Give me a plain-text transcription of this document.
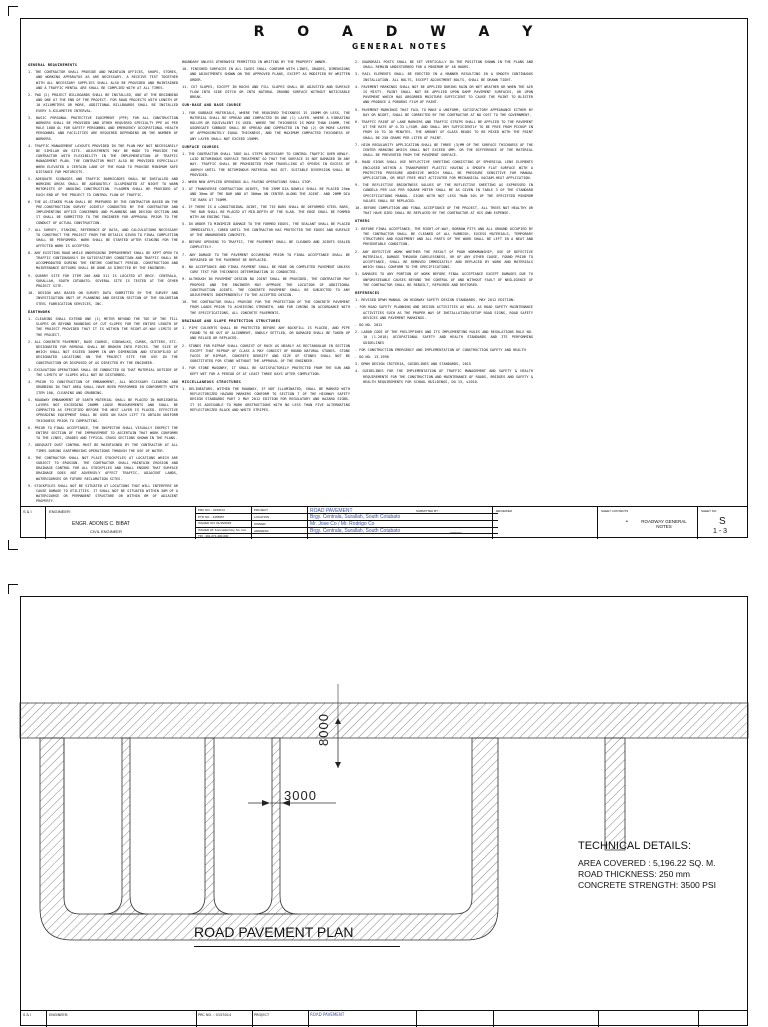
R O A D W A Y
GENERAL NOTES
GENERAL REQUIREMENTS
1. THE CONTRACTOR SHALL PROVIDE AND MAINTAIN OFFICES, SHOPS, STORES, AND WORKING APPARATUS AS ARE NECESSARY. A RECEIVE TEST TOGETHER WITH ALL NECESSARY SUPPLIES SHALL ALSO BE PROVIDED AND MAINTAINED AND A TRAFFIC MENTAL ARE SHALL BE COMPLIED WITH AT ALL TIMES.
2. TWO (2) PROJECT BILLBOARDS SHALL BE INSTALLED, ONE AT THE BEGINNING AND ONE AT THE END OF THE PROJECT. FOR ROAD PROJECTS WITH LENGTH OF 10 KILOMETERS OR MORE, ADDITIONAL BILLBOARDS SHALL BE INSTALLED EVERY 5-KILOMETER INTERVAL.
3. BASIC PERSONAL PROTECTIVE EQUIPMENT (PPE) FOR ALL CONSTRUCTION WORKERS SHALL BE PROVIDED AND OTHER REQUIRED SPECIALTY PPE AS PER RULE 1080 OL FOR SAFETY PERSONNEL AND EMERGENCY OCCUPATIONAL HEALTH PERSONNEL AND FACILITIES ARE REQUIRED DEPENDING ON THE NUMBER OF WORKERS.
4. TRAFFIC MANAGEMENT LAYOUTS PROVIDED IN THE PLAN MAY NOT NECESSARILY BE SIMILAR ON SITE. ADJUSTMENTS MAY BE MADE TO PROVIDE THE CONTRACTOR WITH FLEXIBILITY IN THE IMPLEMENTATION OF TRAFFIC MANAGEMENT PLAN. THE CONTRACTOR MUST ALSO BE PROVIDED ESPECIALLY WHEN ELEVATED A CERTAIN LANE OF THE ROAD TO PROVIDE MINIMUM SAFE DISTANCE FOR MOTORISTS.
5. ADEQUATE SIGNAGES AND TRAFFIC BARRICADES SHALL BE INSTALLED AND WORKING AREAS SHALL BE ADEQUATELY ILLUMINATED AT NIGHT TO WARN MOTORISTS OF ONGOING CONSTRUCTION. FLAGMEN SHALL BE PROVIDED AT EACH END OF THE PROJECT TO CONTROL FLOW OF TRAFFIC.
6. THE AS-STAKED PLAN SHALL BE PREPARED BY THE CONTRACTOR BASED ON THE PRE-CONSTRUCTION SURVEY JOINTLY CONDUCTED BY THE CONTRACTOR AND IMPLEMENTING OFFICE CONCERNED AND PLANNING AND DESIGN SECTION AND IT SHALL BE SUBMITTED TO THE ENGINEER FOR APPROVAL PRIOR TO THE CONDUCT OF ACTUAL CONSTRUCTION.
7. ALL SURVEY, STAKING, REFERENCE OF DATA, AND CALCULATIONS NECESSARY TO CONSTRUCT THE PROJECT FROM THE DETAILS GIVEN TO FINAL COMPLETION SHALL BE PERFORMED. WORK SHALL BE STARTED AFTER STAKING FOR THE AFFECTED WORK IS ACCEPTED.
8. ANY EXISTING ROAD WHILE UNDERGOING IMPROVEMENT SHALL BE KEPT OPEN TO TRAFFIC CONTINUOUSLY IN SATISFACTORY CONDITION AND TRAFFIC SHALL BE ACCOMMODATED DURING THE ENTIRE CONTRACT PERIOD. CONSTRUCTION AND MAINTENANCE DETOURS SHALL BE DONE AS DIRECTED BY THE ENGINEER.
9. QUARRY SITE FOR ITEM 200 AND 311 IS LOCATED AT BRGY. CENTRALA, SURALLAH, SOUTH COTABATO. SEVERAL SITE IS TESTED AT THE OTHER PROJECT SITE.
10. DESIGN WAS BASED ON SURVEY DATA SUBMITTED BY THE SURVEY AND INVESTIGATION UNIT OF PLANNING AND DESIGN SECTION OF THE SOLUNTIAN STEEL FABRICATION SERVICES, INC.
EARTHWORK
1. CLEARING SHALL EXTEND ONE (1) METER BEYOND THE TOE OF THE FILL SLOPES OR BEYOND ROUNDING OF CUT SLOPES FOR THE ENTIRE LENGTH OF THE PROJECT PROVIDED THAT IT IS WITHIN THE RIGHT-OF-WAY LIMITS OF THE PROJECT.
2. ALL CONCRETE PAVEMENT, BASE COURSE, SIDEWALKS, CURBS, GUTTERS, ETC. DESIGNATED FOR REMOVAL SHALL BE BROKEN INTO PIECES. THE SIZE OF WHICH SHALL NOT EXCEED 300MM IN ANY DIMENSION AND STOCKPILED AT DESIGNATED LOCATIONS ON THE PROJECT SITE FOR USE IN THE CONSTRUCTION OR DISPOSED OF AS DIRECTED BY THE ENGINEER.
3. EXCAVATION OPERATIONS SHALL BE CONDUCTED SO THAT MATERIAL OUTSIDE OF THE LIMITS OF SLOPES WILL NOT BE DISTURBED.
4. PRIOR TO CONSTRUCTION OF EMBANKMENT, ALL NECESSARY CLEARING AND GRUBBING IN THAT AREA SHALL HAVE BEEN PERFORMED IN CONFORMITY WITH ITEM 100, CLEARING AND GRUBBING.
5. ROADWAY EMBANKMENT OF EARTH MATERIAL SHALL BE PLACED IN HORIZONTAL LAYERS NOT EXCEEDING 200MM LOOSE MEASUREMENTS AND SHALL BE COMPACTED AS SPECIFIED BEFORE THE NEXT LAYER IS PLACED. EFFECTIVE SPREADING EQUIPMENT SHALL BE USED ON EACH LIFT TO OBTAIN UNIFORM THICKNESS PRIOR TO COMPACTING.
6. PRIOR TO FINAL ACCEPTANCE, THE INSPECTOR SHALL VISUALLY INSPECT THE ENTIRE SECTION OF THE IMPROVEMENT TO ASCERTAIN THAT WORK CONFORMS TO THE LINES, GRADES AND TYPICAL CROSS SECTIONS SHOWN IN THE PLANS.
7. ADEQUATE DUST CONTROL MUST BE MAINTAINED BY THE CONTRACTOR AT ALL TIMES DURING EARTHMOVING OPERATIONS THROUGH THE USE OF WATER.
8. THE CONTRACTOR SHALL NOT PLACE STOCKPILES AT LOCATIONS WHICH ARE SUBJECT TO EROSION. THE CONTRACTOR SHALL MAINTAIN EROSION AND DRAINAGE CONTROL FOR ALL STOCKPILES AND SHALL ENSURE THAT SURFACE DRAINAGE DOES NOT ADVERSELY AFFECT TRAFFIC, ADJACENT LANDS, WATERCOURSES OR FUTURE RECLAMATION SITES.
9. STOCKPILES SHALL NOT BE SITUATED AT LOCATIONS THAT WILL INTERFERE OR CAUSE DAMAGE TO UTILITIES. IT SHALL NOT BE SITUATED WITHIN 30M OF A WATERCOURSE OR PERMANENT STRUCTURE OR WITHIN 6M OF ADJACENT PROPERTY.
BOUNDARY UNLESS OTHERWISE PERMITTED IN WRITING BY THE PROPERTY OWNER.
10. FINISHED SURFACES IN ALL CASES SHALL CONFORM WITH LINES, GRADES, DIMENSIONS AND ADJUSTMENTS SHOWN ON THE APPROVED PLANS, EXCEPT AS MODIFIED BY WRITTEN ORDER.
11. CUT SLOPES, EXCEPT IN ROCKS AND FILL SLOPES SHALL BE ADJUSTED AND SURFACE FLOW INTO SIDE DITCH OR INTO NATURAL GROUND SURFACE WITHOUT NOTICEABLE BREAK.
SUB-BASE AND BASE COURSE
1. FOR SUBBASE MATERIALS, WHERE THE REQUIRED THICKNESS IS 150MM OR LESS, THE MATERIAL SHALL BE SPREAD AND COMPACTED IN ONE (1) LAYER. WHERE A VIBRATING ROLLER OR EQUIVALENT IS USED. WHERE THE THICKNESS IS MORE THAN 150MM, THE AGGREGATE SUBBASE SHALL BE SPREAD AND COMPACTED IN TWO (2) OR MORE LAYERS OF APPROXIMATELY EQUAL THICKNESS, AND THE MAXIMUM COMPACTED THICKNESS OF ANY LAYER SHALL NOT EXCEED 150MM.
SURFACE COURSES
1. THE CONTRACTOR SHALL TAKE ALL STEPS NECESSARY TO CONTROL TRAFFIC OVER NEWLY-LAID BITUMINOUS SURFACE TREATMENT SO THAT THE SURFACE IS NOT DAMAGED IN ANY WAY. TRAFFIC SHALL BE PROHIBITED FROM TRAVELLING AT SPEEDS IN EXCESS OF 40KM/H UNTIL THE BITUMINOUS MATERIAL HAS SET. SUITABLE DIVERSION SHALL BE PROVIDED.
2. WHEN NEW APPLIED OPENINGS ALL PAVING OPERATIONS SHALL STOP.
3. AT TRANSVERSE CONTRACTION JOINTS, THE 25MM DIA DOWELS SHALL BE PLACED 25mm AND 30mm OF THE BAR AND AT 300mm ON CENTER ALONG THE JOINT. AND 28MM DIA TIE BARS AT 750MM.
4. IF THERE IS A LONGITUDINAL JOINT, THE TIE BARS SHALL BE DEFORMED STEEL BARS, THE BAR SHALL BE PLACED AT MID-DEPTH OF THE SLAB. THE EDGE SHALL BE FORMED WITH AN EDGING TOOL.
5. IN ORDER TO MINIMIZE DAMAGE TO THE FORMED EDGES, THE SEALANT SHALL BE PLACED IMMEDIATELY, CURED UNTIL THE CONTRACTOR HAS PROTECTED THE EDGES AND SURFACE OF THE UNHARDENED CONCRETE.
6. BEFORE OPENING TO TRAFFIC, THE PAVEMENT SHALL BE CLEANED AND JOINTS SEALED COMPLETELY.
7. ANY DAMAGE TO THE PAVEMENT OCCURRING PRIOR TO FINAL ACCEPTANCE SHALL BE REPAIRED OR THE PAVEMENT BE REPLACED.
8. NO ACCEPTANCE AND FINAL PAYMENT SHALL BE MADE ON COMPLETED PAVEMENT UNLESS CORE TEST FOR THICKNESS DETERMINATION IS CONDUCTED.
9. ALTHOUGH IN PAVEMENT DESIGN NO JOINT SHALL BE PROVIDED, THE CONTRACTOR MAY PROPOSE AND THE ENGINEER MAY APPROVE THE LOCATION OF ADDITIONAL CONSTRUCTION JOINTS. THE CONCRETE PAVEMENT SHALL BE SUBJECTED TO ANY ADJUSTMENTS INDEPENDENTLY TO THE ACCEPTED DESIGN.
10. THE CONTRACTOR SHALL PROVIDE FOR THE PROTECTION OF THE CONCRETE PAVEMENT FROM LOADS PRIOR TO ACHIEVING STRENGTH, AND FOR CURING IN ACCORDANCE WITH THE SPECIFICATIONS, ALL CONCRETE PAVEMENTS.
DRAINAGE AND SLOPE PROTECTION STRUCTURES
1. PIPE CULVERTS SHALL BE PROTECTED BEFORE ANY BACKFILL IS PLACED, AND PIPE FOUND TO BE OUT OF ALIGNMENT, UNDULY SETTLED, OR DAMAGED SHALL BE TAKEN UP AND RELAID OR REPLACED.
2. STONES FOR RIPRAP SHALL CONSIST OF ROCK AS NEARLY AS RECTANGULAR IN SECTION EXCEPT THAT RIPRAP OF CLASS A MAY CONSIST OF ROUND NATURAL STONES. STONE FACES OF RIPRAP, CONCRETE DENSITY AND SIZE OF STONES SHALL NOT BE SUBSTITUTED FOR STONE WITHOUT THE APPROVAL OF THE ENGINEER.
3. FOR STONE MASONRY, IT SHALL BE SATISFACTORILY PROTECTED FROM THE SUN AND KEPT WET FOR A PERIOD OF AT LEAST THREE DAYS AFTER COMPLETION.
MISCELLANEOUS STRUCTURES
1. DELINEATORS, WITHIN THE ROADWAY, IF NOT ILLUMINATED, SHALL BE MARKED WITH REFLECTORIZED HAZARD MARKERS CONFORM TO SECTION 7 OF THE HIGHWAY SAFETY DESIGN STANDARDS PART 2 MAY 2012 EDITION FOR REGULATORY AND HAZARD SIGNS. IT IS ADVISABLE TO MARK OBSTRUCTIONS WITH NO LESS THAN FIVE ALTERNATING REFLECTORIZED BLACK AND WHITE STRIPES.
2. GUARDRAIL POSTS SHALL BE SET VERTICALLY IN THE POSITION SHOWN IN THE PLANS AND SHALL REMAIN UNDISTURBED FOR A MINIMUM OF 48 HOURS.
3. RAIL ELEMENTS SHALL BE ERECTED IN A MANNER RESULTING IN A SMOOTH CONTINUOUS INSTALLATION. ALL BOLTS, EXCEPT ADJUSTMENT BOLTS, SHALL BE DRAWN TIGHT.
4. PAVEMENT MARKINGS SHALL NOT BE APPLIED DURING RAIN OR WET WEATHER OR WHEN THE AIR IS MISTY. PAINT SHALL NOT BE APPLIED UPON DAMP PAVEMENT SURFACES, OR UPON PAVEMENT WHICH HAS ABSORBED MOISTURE SUFFICIENT TO CAUSE THE PAINT TO BLISTER AND PRODUCE A PORORUS FILM OF PAINT.
5. PAVEMENT MARKINGS THAT FAIL TO MAKE A UNIFORM, SATISFACTORY APPEARANCE EITHER BY DAY OR NIGHT, SHALL BE CORRECTED BY THE CONTRACTOR AT NO COST TO THE GOVERNMENT.
6. TRAFFIC PAINT OF LANE MARKERS AND TRAFFIC STRIPS SHALL BE APPLIED TO THE PAVEMENT AT THE RATE OF 0.33 L/SQM. AND SHALL DRY SUFFICIENTLY TO BE FREE FROM PICKUP IN FROM 10 TO 30 MINUTES. THE AMOUNT OF GLASS BEADS TO BE MIXED WITH THE PAINT SHALL BE 250 GRAMS PER LITER OF PAINT.
7. HIGH REGULARITY APPLICATION SHALL BE THREE (3)MM OF THE SURFACE THICKNESS OF THE CENTER MARKING WHICH SHALL NOT EXCEED 4MM. OR THE DIFFERENCE OF THE MATERIAL SHALL BE PREVENTED FROM THE PAVEMENT SURFACE.
8. ROAD SIGNS SHALL USE REFLECTIVE SHEETING CONSISTING OF SPHERICAL LENS ELEMENTS ENCLOSED WITHIN A TRANSPARENT PLASTIC HAVING A SMOOTH FLAT SURFACE WITH A PROTECTED PRESSURE ADHESIVE WHICH SHALL BE PRESSURE SENSITIVE FOR MANUAL APPLICATION, OR HEAT FREE HEAT ACTIVATED FOR MECHANICAL VACUUM-HEAT APPLICATION.
9. THE REFLECTIVE BRIGHTNESS VALUES OF THE REFLECTIVE SHEETING AS EXPRESSED IN CANDELA PER LUX PER SQUARE METER SHALL BE AS GIVEN IN TABLE 3 OF THE STANDARD SPECIFICATIONS MANUAL. SIGNS WITH NOT LESS THAN 50% OF THE SPECIFIED MINIMUM VALUES SHALL BE REPLACED.
10. BEFORE COMPLETION AND FINAL ACCEPTANCE OF THE PROJECT, ALL TREES NOT HEALTHY OR THAT HAVE DIED SHALL BE REPLACED BY THE CONTRACTOR AT HIS OWN EXPENSE.
OTHERS
1. BEFORE FINAL ACCEPTANCE, THE RIGHT-OF-WAY, BORROW PITS AND ALL GROUND OCCUPIED BY THE CONTRACTOR SHALL BE CLEANED OF ALL RUBBISH, EXCESS MATERIALS, TEMPORARY STRUCTURES AND EQUIPMENT AND ALL PARTS OF THE WORK SHALL BE LEFT IN A NEAT AND PRESENTABLE CONDITION.
2. ANY DEFECTIVE WORK WHETHER THE RESULT OF POOR WORKMANSHIP, USE OF DEFECTIVE MATERIALS, DAMAGE THROUGH CARELESSNESS, OR OF ANY OTHER CAUSE, FOUND PRIOR TO ACCEPTANCE, SHALL BE REMOVED IMMEDIATELY AND REPLACED BY WORK AND MATERIALS WHICH SHALL CONFORM TO THE SPECIFICATIONS.
3. DAMAGES TO ANY PORTION OF WORK BEFORE FINAL ACCEPTANCE EXCEPT DAMAGES DUE TO UNFORESEEABLE CAUSES BEYOND THE CONTROL OF AND WITHOUT FAULT OF NEGLIGENCE OF THE CONTRACTOR SHALL BE REBUILT, REPAIRED AND RESTORED.
REFERENCES
1. REVISED DPWH MANUAL ON HIGHWAY SAFETY DESIGN STANDARDS, MAY 2012 EDITION:
- FOR ROAD SAFETY PLANNING AND DESIGN ACTIVITIES AS WELL AS ROAD SAFETY MAINTENANCE ACTIVITIES SUCH AS THE PROPER WAY OF INSTALLATION/SETUP ROAD SIGNS, ROAD SAFETY DEVICES AND PAVEMENT MARKINGS.
- DO NO. 2012
2. LABOR CODE OF THE PHILIPPINES AND ITS IMPLEMENTING RULES AND REGULATIONS RULE NO. 10 (1-2018) OCCUPATIONAL SAFETY AND HEALTH STANDARDS AND ITS PERFORMING GUIDELINES
- FOR CONSTRUCTION EMERGENCY AND IMPLEMENTATION OF CONSTRUCTION SAFETY AND HEALTH
- DO NO. 13-1998
3. DPWH DESIGN CRITERIA, GUIDELINES AND STANDARDS, 2015
4. GUIDELINES FOR THE IMPLEMENTATION OF TRAFFIC MANAGEMENT AND SAFETY & HEALTH REQUIREMENTS FOR THE CONSTRUCTION AND MAINTENANCE OF ROADS, BRIDGES AND SAFETY & HEALTH REQUIREMENTS FOR SCHOOL BUILDINGS, DO 13, s2010.
S & I	ENGINEER:
ENGR. ADONIS C. BIBAT
CIVIL ENGINEER
PRC NO. : 0153014
PTR NO. : 4455867
ISSUED ON: 01/15/2023
ISSUED AT: Koronadal City, So. Cot.
TIN : 491-271-400-000
PROJECT	ROAD PAVEMENT
LOCATION	Brgy. Centrala, Surallah, South Cotabato
OWNER	Mr. Jose Co / Mr. Rodrigo Co
ADDRESS	Brgy. Centrala, Surallah, South Cotabato
SUBMITTED BY :
OWNER
REVIEWED	SHEET CONTENTS
•	ROADWAY GENERAL NOTES
SHEET NO.
S
1 - 3
8000
3000
TECHNICAL DETAILS:
AREA COVERED : 5,196.22 SQ. M.
ROAD THICKNESS: 250 mm
CONCRETE STRENGTH: 3500 PSI
ROAD PAVEMENT PLAN
S & I	ENGINEER:	PRC NO. : 0153014	PROJECT	ROAD PAVEMENT
